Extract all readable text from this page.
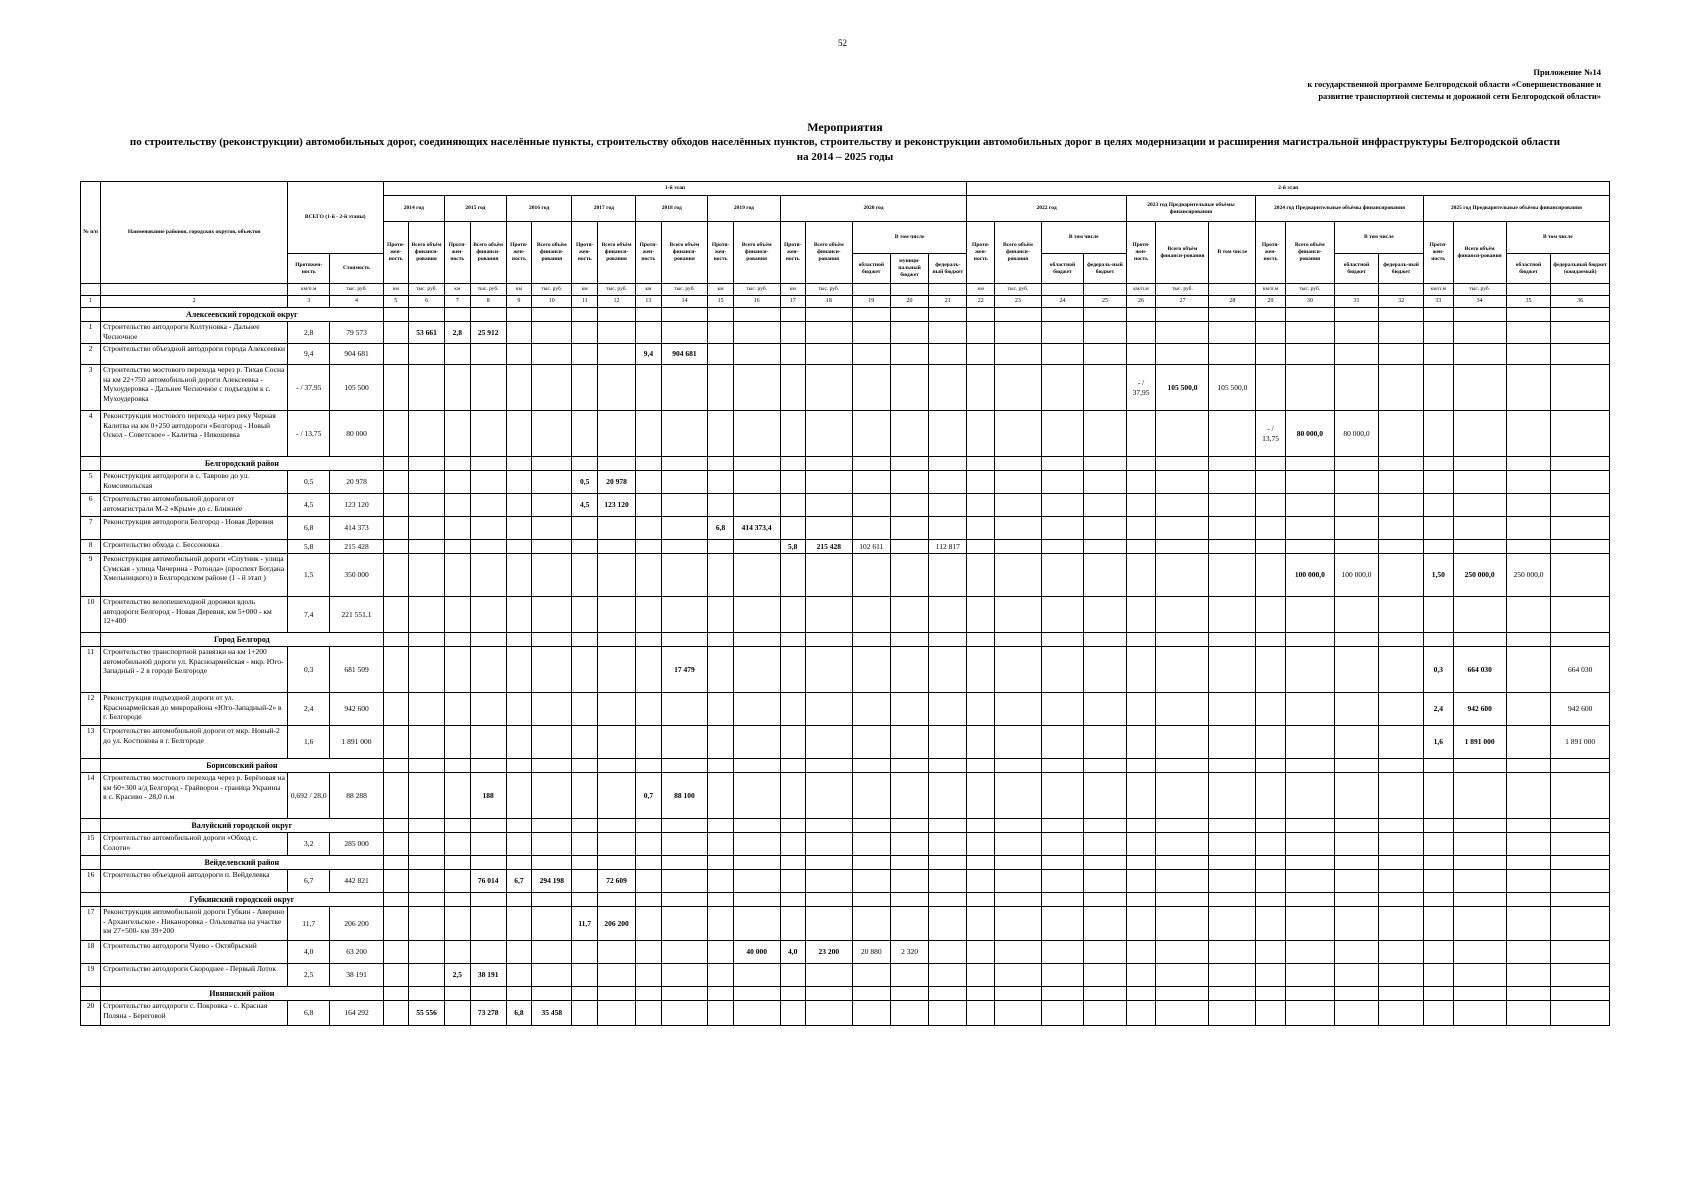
52
Приложение №14
к государственной программе Белгородской области «Совершенствование и
развитие транспортной системы и дорожной сети Белгородской области»
Мероприятия
по строительству (реконструкции) автомобильных дорог, соединяющих населённые пункты, строительству обходов населённых пунктов, строительству и реконструкции автомобильных дорог в целях модернизации и расширения магистральной инфраструктуры Белгородской области
на 2014 – 2025 годы
№ п/п	Наименование районов, городских округов, объектов	ВСЕГО (1-й - 2-й этапы)		1-й этап																	2-й этап														
				2014 год		2015 год		2016 год		2017 год		2018 год		2019 год		2020 год					2022 год				2023 год Предварительные объёмы финансирования			2024 год Предварительные объёмы финансирования				2025 год Предварительные объёмы финансирования			
				Протя-жен-ность	Всего объём финанси-рования	Протя-жен-ность	Всего объём финанси-рования	Протя-жен-ность	Всего объём финанси-рования	Протя-жен-ность	Всего объём финанси-рования	Протя-жен-ность	Всего объём финанси-рования	Протя-жен-ность	Всего объём финанси-рования	Протя-жен-ность	Всего объём финанси-рования	В том числе			Протя-жен-ность	Всего объём финанси-рования	В том числе		Протя-жен-ность	Всего объём финанси-рования	В том числе	Протя-жен-ность	Всего объём финанси-рования	В том числе		Протя-жен-ность	Всего объём финанси-рования	В том числе	
		Протяжен-ность	Стоимость															областной бюджет	муници-пальный бюджет	федераль-ный бюджет			областной бюджет	федераль-ный бюджет						областной бюджет	федераль-ный бюджет			областной бюджет	федеральный бюджет (ожидаемый)
		км/п.м	тыс. руб.	км	тыс. руб.	км	тыс. руб.	км	тыс. руб.	км	тыс. руб.	км	тыс. руб.	км	тыс. руб.	км	тыс. руб.				км	тыс. руб.			км/п.м	тыс. руб.		км/п.м	тыс. руб.			км/п.м	тыс. руб.		
1	2	3	4	5	6	7	8	9	10	11	12	13	14	15	16	17	18	19	20	21	22	23	24	25	26	27	28	29	30	31	32	33	34	35	36
	Алексеевский городской округ																																		
1	Строительство автодороги Колтуновка - Дальнее Чесночное	2,8	79 573		53 661	2,8	25 912																												
2	Строительство объездной автодороги города Алексеевки	9,4	904 681									9,4	904 681																						
3	Строительство мостового перехода через р. Тихая Сосна на км 22+750 автомобильной дороги Алексеевка - Мухоудеровка - Дальнее Чесночное с подъездом к с. Мухоудеровка	- / 37,95	105 500																						- / 37,95	105 500,0	105 500,0								
4	Реконструкция мостового перехода через реку Черная Калитва на км 0+250 автодороги «Белгород - Новый Оскол - Советское» - Калитва - Никошевка	- / 13,75	80 000																									- / 13,75	80 000,0	80 000,0					
	Белгородский район																																		
5	Реконструкция автодороги в с. Таврово до ул. Комсомольская	0,5	20 978							0,5	20 978																								
6	Строительство автомобильной дороги от автомагистрали М-2 «Крым» до с. Ближнее	4,5	123 120							4,5	123 120																								
7	Реконструкция автодороги Белгород - Новая Деревня	6,8	414 373											6,8	414 373,4																				
8	Строительство обхода с. Бессоновка	5,8	215 428													5,8	215 428	102 611		112 817															
9	Реконструкция автомобильной дороги «Спутник - улица Сумская - улица Чичерина - Ротонда» (проспект Богдана Хмельницкого) в Белгородском районе (1 - й этап )	1,5	350 000																										100 000,0	100 000,0		1,50	250 000,0	250 000,0	
10	Строительство велопешеходной дорожки вдоль автодороги Белгород - Новая Деревня, км 5+000 - км 12+400	7,4	221 551,1																																
	Город Белгород																																		
11	Строительство транспортной развязки на км 1+200 автомобильной дороги ул. Красноармейская - мкр. Юго-Западный - 2 в городе Белгороде	0,3	681 509										17 479																			0,3	664 030		664 030
12	Реконструкция подъездной дороги от ул. Красноармейская до микрорайона «Юго-Западный-2» в г. Белгороде	2,4	942 600																													2,4	942 600		942 600
13	Строительство автомобильной дороги от мкр. Новый-2 до ул. Костюкова в г. Белгороде	1,6	1 891 000																													1,6	1 891 000		1 891 000
	Борисовский район																																		
14	Строительство мостового перехода через р. Берёзовая на км 60+300 а/д Белгород - Грайворон - граница Украины в с. Красиво - 28,0 п.м	0,692 / 28,0	88 288				188					0,7	88 100																						
	Валуйский городской округ																																		
15	Строительство автомобильной дороги «Обход с. Солоти»	3,2	285 000																																
	Вейделевский район																																		
16	Строительство объездной автодороги п. Вейделевка	6,7	442 821				76 014	6,7	294 198		72 609																								
	Губкинский городской округ																																		
17	Реконструкция автомобильной дороги Губкин - Аверино - Архангельское - Никаноровка - Ольховатка на участке км 27+500- км 39+200	11,7	206 200							11,7	206 200																								
18	Строительство автодороги Чуево - Октябрьский	4,0	63 200												40 000	4,0	23 200	20 880	2 320																
19	Строительство автодороги Скороднее - Первый Лоток	2,5	38 191			2,5	38 191																												
	Ивнянский район																																		
20	Строительство автодороги с. Покровка - с. Красная Поляна - Береговой	6,8	164 292		55 556		73 278	6,8	35 458																										
